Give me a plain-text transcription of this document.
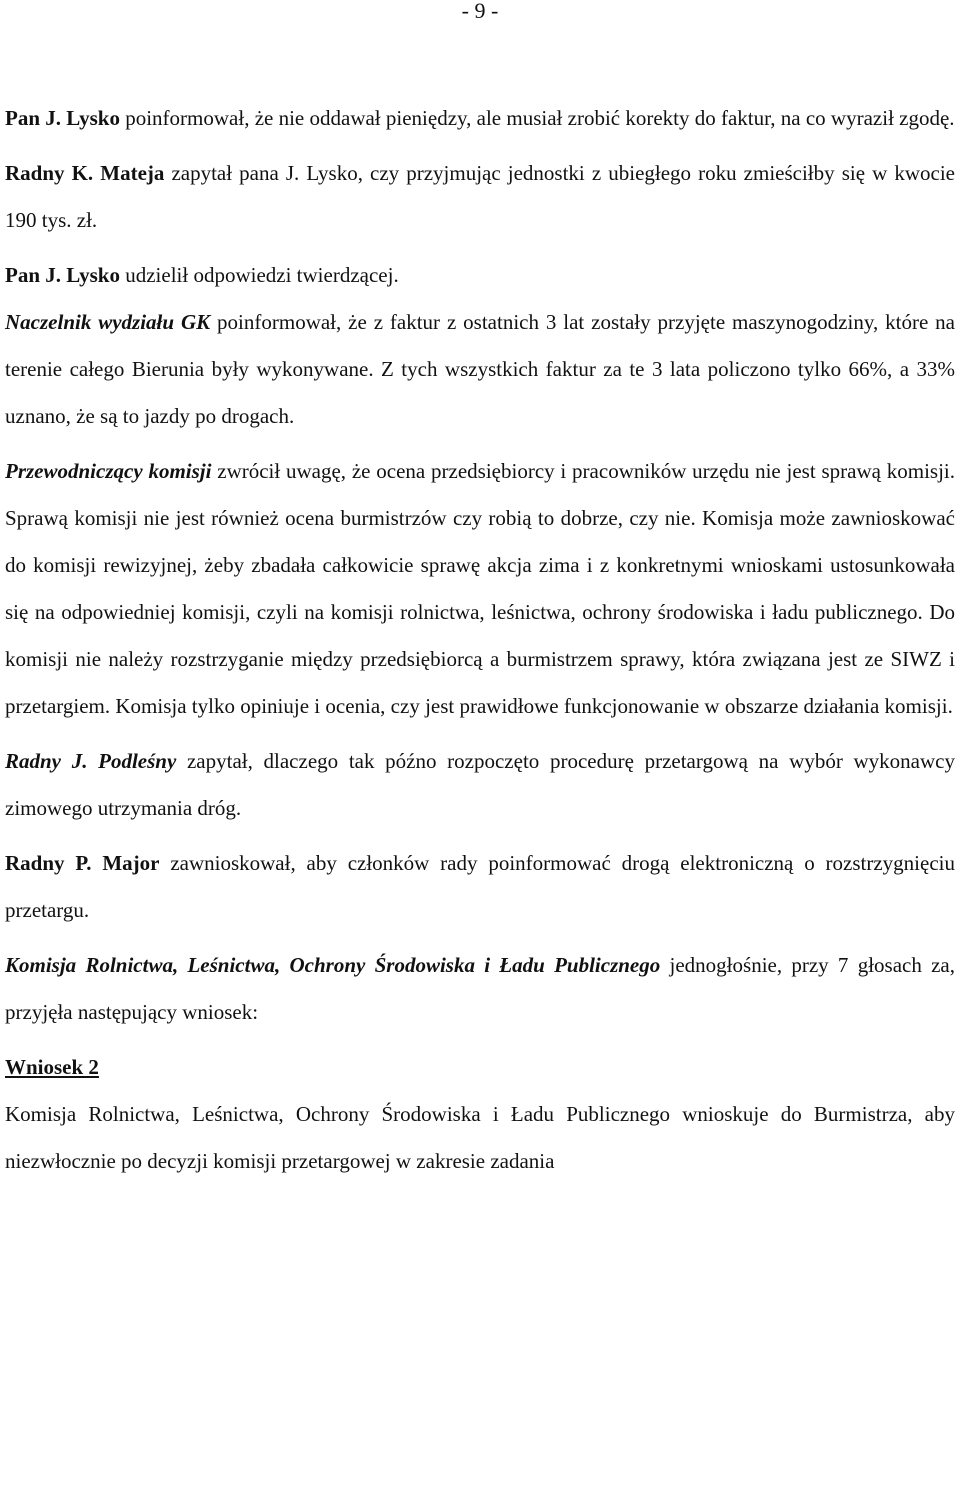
- 9 -

Pan J. Lysko poinformował, że nie oddawał pieniędzy, ale musiał zrobić korekty do faktur, na co wyraził zgodę.

Radny K. Mateja zapytał pana J. Lysko, czy przyjmując jednostki z ubiegłego roku zmieściłby się w kwocie 190 tys. zł.

Pan J. Lysko udzielił odpowiedzi twierdzącej.

Naczelnik wydziału GK poinformował, że z faktur z ostatnich 3 lat zostały przyjęte maszynogodziny, które na terenie całego Bierunia były wykonywane. Z tych wszystkich faktur za te 3 lata policzono tylko 66%, a 33% uznano, że są to jazdy po drogach.

Przewodniczący komisji zwrócił uwagę, że ocena przedsiębiorcy i pracowników urzędu nie jest sprawą komisji. Sprawą komisji nie jest również ocena burmistrzów czy robią to dobrze, czy nie. Komisja może zawnioskować do komisji rewizyjnej, żeby zbadała całkowicie sprawę akcja zima i z konkretnymi wnioskami ustosunkowała się na odpowiedniej komisji, czyli na komisji rolnictwa, leśnictwa, ochrony środowiska i ładu publicznego. Do komisji nie należy rozstrzyganie między przedsiębiorcą a burmistrzem sprawy, która związana jest ze SIWZ i przetargiem. Komisja tylko opiniuje i ocenia, czy jest prawidłowe funkcjonowanie w obszarze działania komisji.

Radny J. Podleśny zapytał, dlaczego tak późno rozpoczęto procedurę przetargową na wybór wykonawcy zimowego utrzymania dróg.

Radny P. Major zawnioskował, aby członków rady poinformować drogą elektroniczną o rozstrzygnięciu przetargu.

Komisja Rolnictwa, Leśnictwa, Ochrony Środowiska i Ładu Publicznego jednogłośnie, przy 7 głosach za, przyjęła następujący wniosek:

Wniosek 2

Komisja Rolnictwa, Leśnictwa, Ochrony Środowiska i Ładu Publicznego wnioskuje do Burmistrza, aby niezwłocznie po decyzji komisji przetargowej w zakresie zadania
